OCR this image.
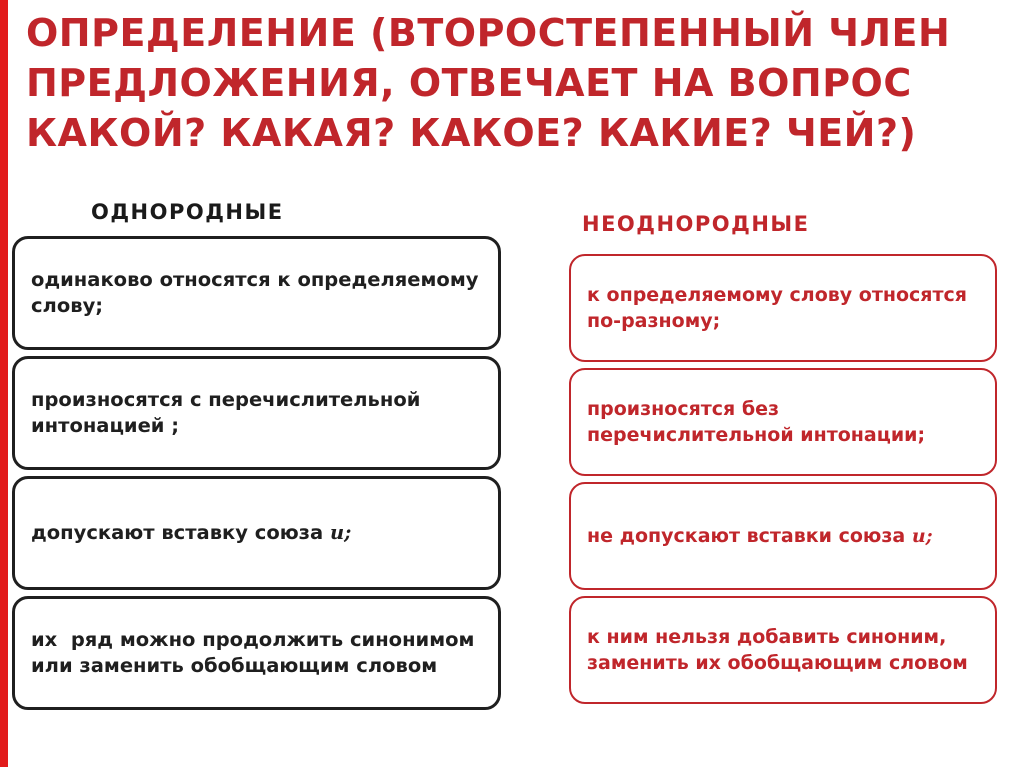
ОПРЕДЕЛЕНИЕ (ВТОРОСТЕПЕННЫЙ ЧЛЕН
ПРЕДЛОЖЕНИЯ, ОТВЕЧАЕТ НА ВОПРОС
КАКОЙ? КАКАЯ? КАКОЕ? КАКИЕ? ЧЕЙ?)
ОДНОРОДНЫЕ
одинаково относятся к определяемому слову;
произносятся с перечислительной интонацией ;
допускают вставку союза и;
их  ряд можно продолжить синонимом  или заменить обобщающим словом
НЕОДНОРОДНЫЕ
к определяемому слову относятся по-разному;
произносятся без перечислительной интонации;
не допускают вставки союза и;
к ним нельзя добавить синоним, заменить их обобщающим словом
